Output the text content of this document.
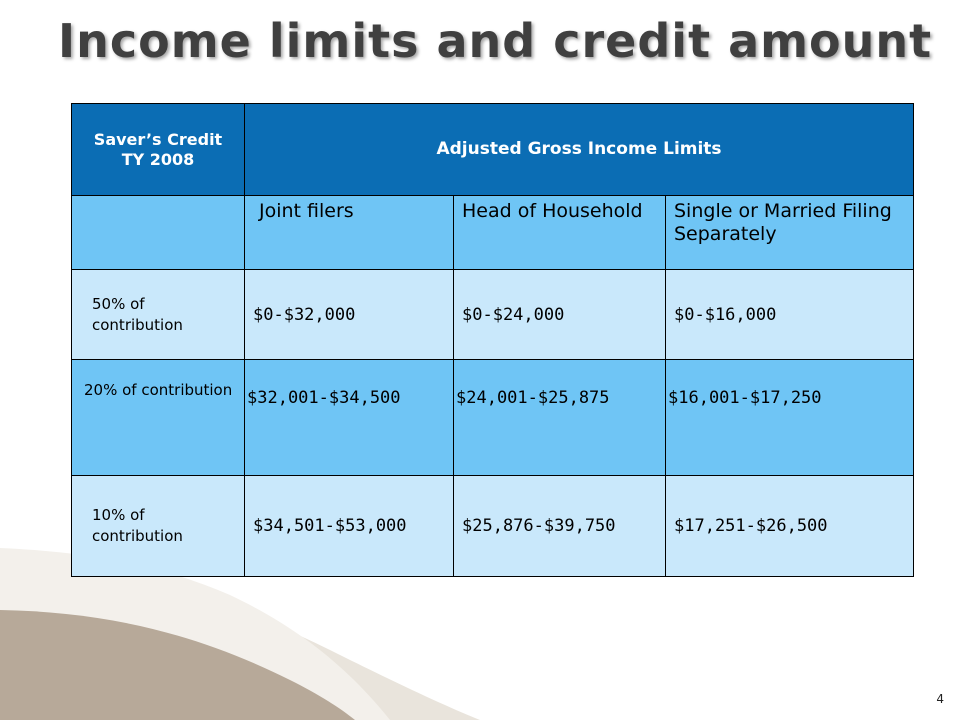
Income limits and credit amount
Saver’s Credit TY 2008	Adjusted Gross Income Limits		
	Joint filers	Head of Household	Single or Married Filing Separately
50% of contribution	$0-$32,000	$0-$24,000	$0-$16,000
20% of contribution	$32,001-$34,500	$24,001-$25,875	$16,001-$17,250
10% of contribution	$34,501-$53,000	$25,876-$39,750	$17,251-$26,500
4
